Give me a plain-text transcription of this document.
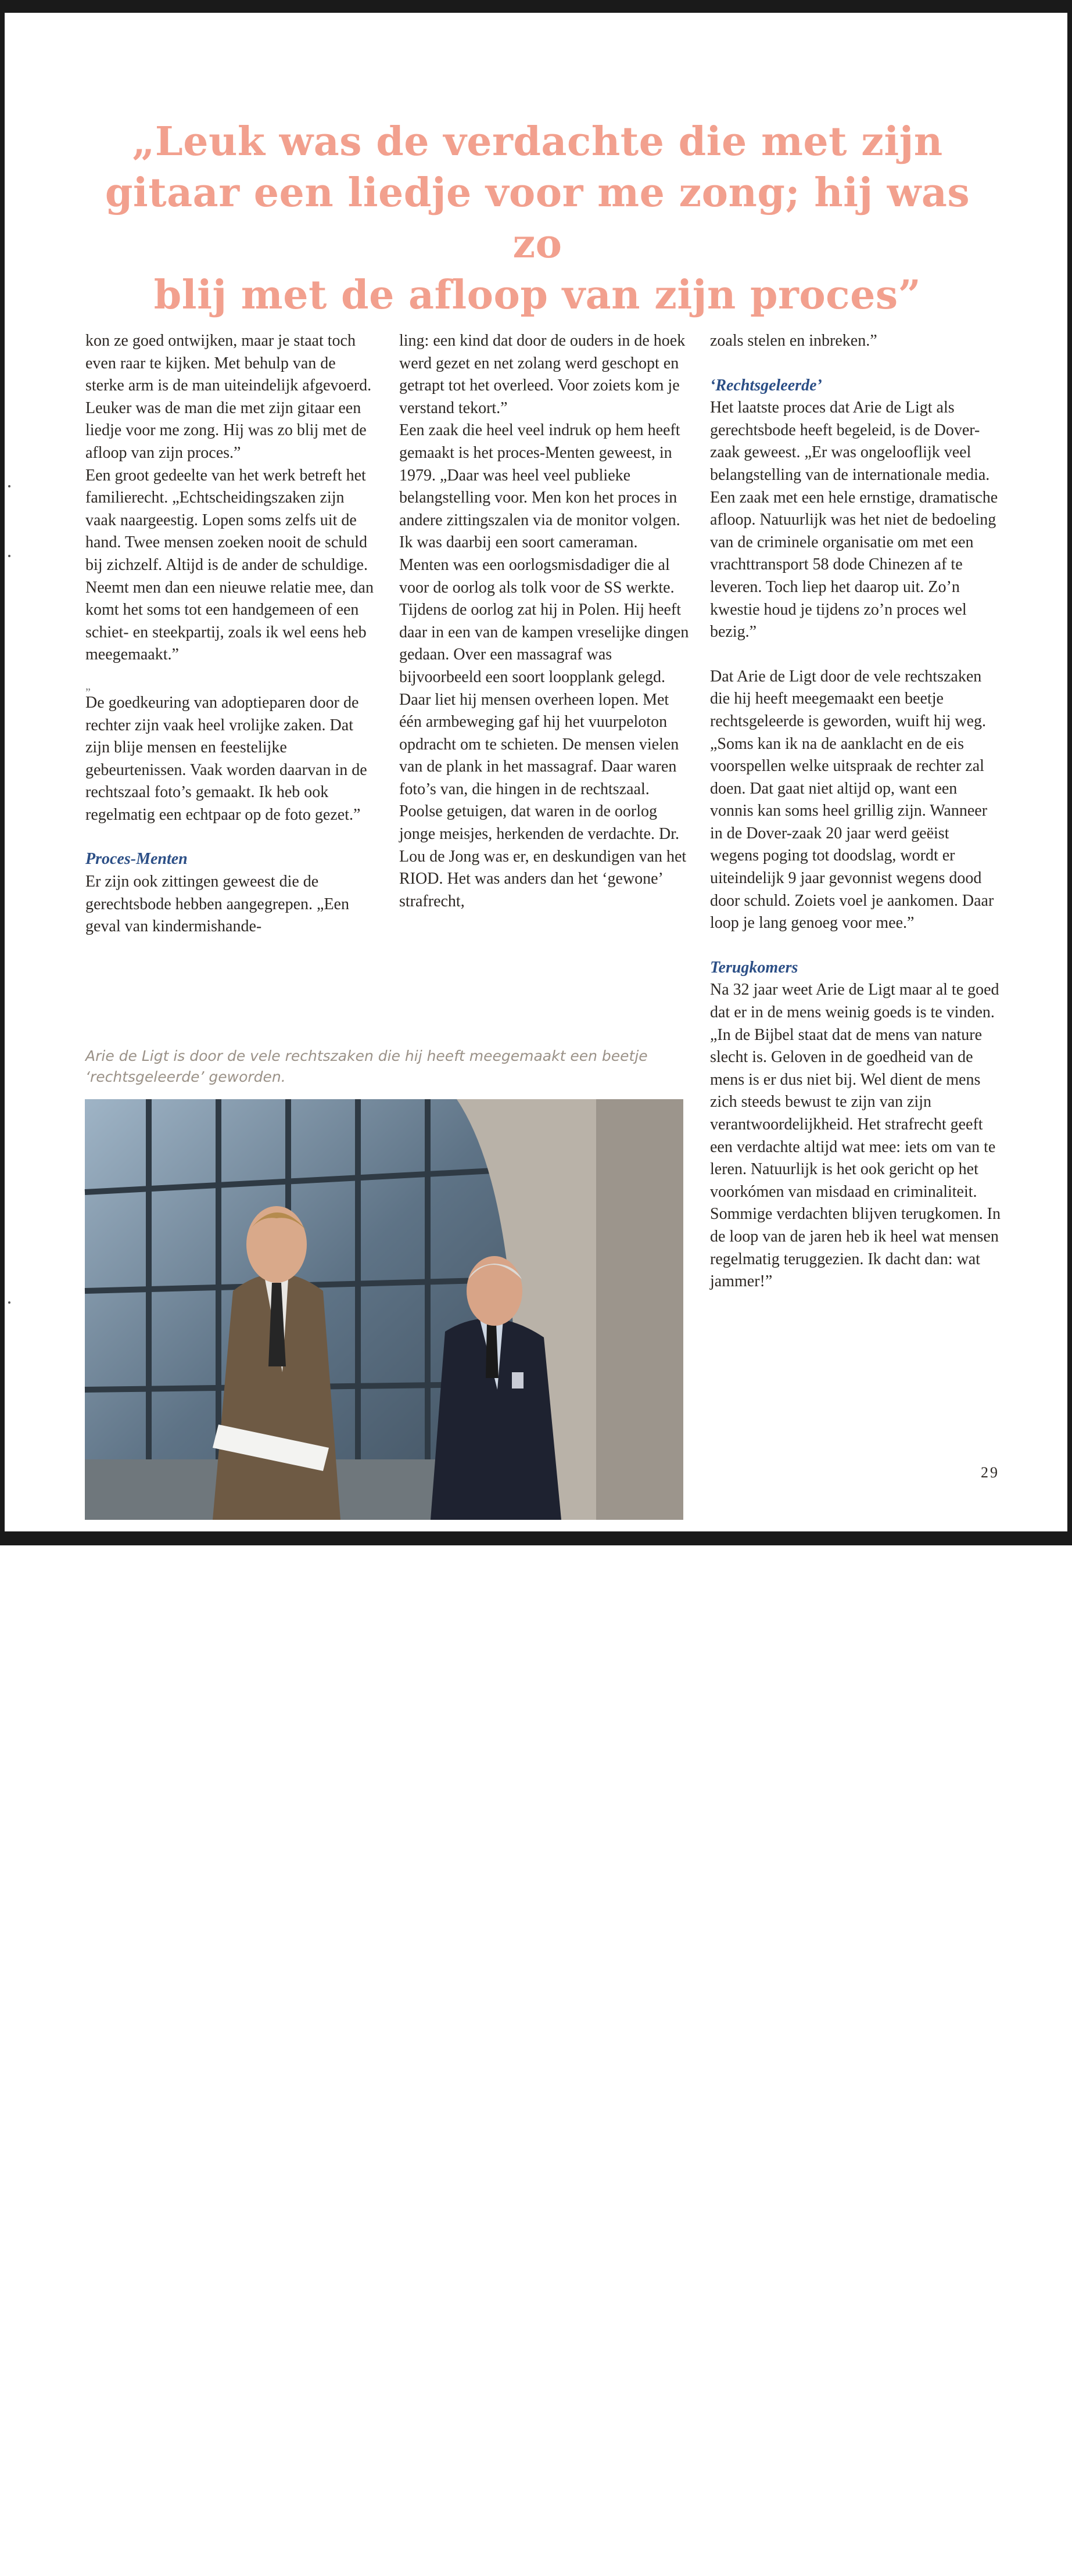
„Leuk was de verdachte die met zijn
gitaar een liedje voor me zong; hij was zo
blij met de afloop van zijn proces”

kon ze goed ontwijken, maar je staat toch even raar te kijken. Met behulp van de sterke arm is de man uiteindelijk afgevoerd. Leuker was de man die met zijn gitaar een liedje voor me zong. Hij was zo blij met de afloop van zijn proces.”

Een groot gedeelte van het werk betreft het familierecht. „Echtscheidingszaken zijn vaak naargeestig. Lopen soms zelfs uit de hand. Twee mensen zoeken nooit de schuld bij zichzelf. Altijd is de ander de schuldige. Neemt men dan een nieuwe relatie mee, dan komt het soms tot een handgemeen of een schiet- en steekpartij, zoals ik wel eens heb meegemaakt.”

„

De goedkeuring van adoptieparen door de rechter zijn vaak heel vrolijke zaken. Dat zijn blije mensen en feestelijke gebeurtenissen. Vaak worden daarvan in de rechtszaal foto’s gemaakt. Ik heb ook regelmatig een echtpaar op de foto gezet.”

Proces-Menten

Er zijn ook zittingen geweest die de gerechtsbode hebben aangegrepen. „Een geval van kindermishande-

ling: een kind dat door de ouders in de hoek werd gezet en net zolang werd geschopt en getrapt tot het overleed. Voor zoiets kom je verstand tekort.”

Een zaak die heel veel indruk op hem heeft gemaakt is het proces-Menten geweest, in 1979. „Daar was heel veel publieke belangstelling voor. Men kon het proces in andere zittingszalen via de monitor volgen. Ik was daarbij een soort cameraman. Menten was een oorlogsmisdadiger die al voor de oorlog als tolk voor de SS werkte. Tijdens de oorlog zat hij in Polen. Hij heeft daar in een van de kampen vreselijke dingen gedaan. Over een massagraf was bijvoorbeeld een soort loopplank gelegd. Daar liet hij mensen overheen lopen. Met één armbeweging gaf hij het vuurpeloton opdracht om te schieten. De mensen vielen van de plank in het massagraf. Daar waren foto’s van, die hingen in de rechtszaal. Poolse getuigen, dat waren in de oorlog jonge meisjes, herkenden de verdachte. Dr. Lou de Jong was er, en deskundigen van het RIOD. Het was anders dan het ‘gewone’ strafrecht,

zoals stelen en inbreken.”

‘Rechtsgeleerde’

Het laatste proces dat Arie de Ligt als gerechtsbode heeft begeleid, is de Dover-zaak geweest. „Er was ongelooflijk veel belangstelling van de internationale media. Een zaak met een hele ernstige, dramatische afloop. Natuurlijk was het niet de bedoeling van de criminele organisatie om met een vrachttransport 58 dode Chinezen af te leveren. Toch liep het daarop uit. Zo’n kwestie houd je tijdens zo’n proces wel bezig.”

Dat Arie de Ligt door de vele rechtszaken die hij heeft meegemaakt een beetje rechtsgeleerde is geworden, wuift hij weg. „Soms kan ik na de aanklacht en de eis voorspellen welke uitspraak de rechter zal doen. Dat gaat niet altijd op, want een vonnis kan soms heel grillig zijn. Wanneer in de Dover-zaak 20 jaar werd geëist wegens poging tot doodslag, wordt er uiteindelijk 9 jaar gevonnist wegens dood door schuld. Zoiets voel je aankomen. Daar loop je lang genoeg voor mee.”

Terugkomers

Na 32 jaar weet Arie de Ligt maar al te goed dat er in de mens weinig goeds is te vinden. „In de Bijbel staat dat de mens van nature slecht is. Geloven in de goedheid van de mens is er dus niet bij. Wel dient de mens zich steeds bewust te zijn van zijn verantwoordelijkheid. Het strafrecht geeft een verdachte altijd wat mee: iets om van te leren. Natuurlijk is het ook gericht op het voorkómen van misdaad en criminaliteit. Sommige verdachten blijven terugkomen. In de loop van de jaren heb ik heel wat mensen regelmatig teruggezien. Ik dacht dan: wat jammer!”

Arie de Ligt is door de vele rechtszaken die hij heeft meegemaakt een beetje ‘rechtsgeleerde’ geworden.
TERDEGE - 18 JULI 2001
29
